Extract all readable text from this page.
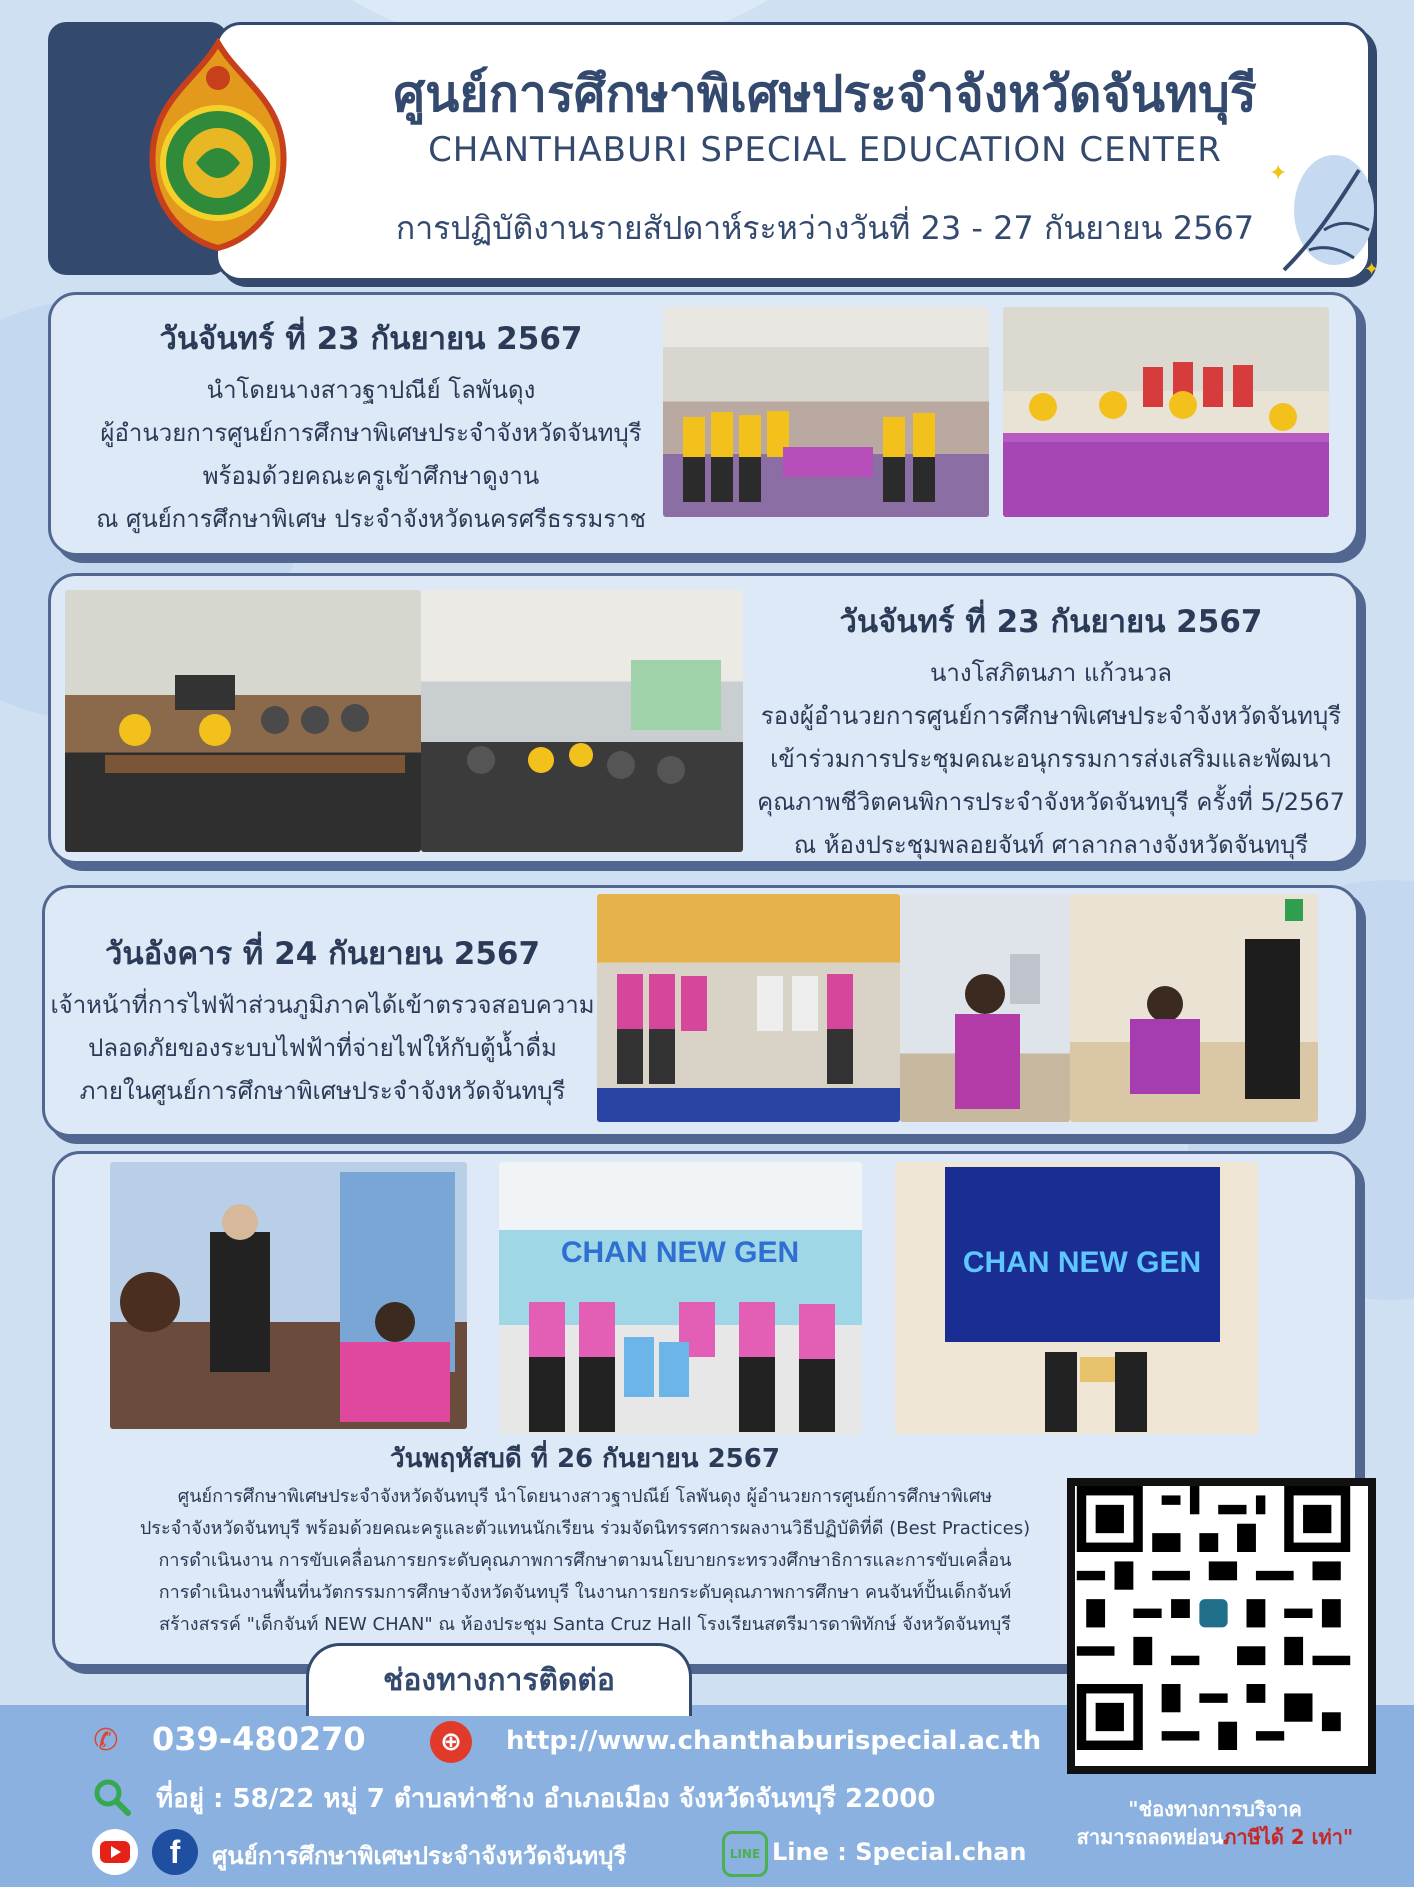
ศูนย์การศึกษาพิเศษประจำจังหวัดจันทบุรี
CHANTHABURI SPECIAL EDUCATION CENTER
การปฏิบัติงานรายสัปดาห์ระหว่างวันที่ 23 - 27 กันยายน 2567
✦
✦
วันจันทร์ ที่ 23 กันยายน 2567
นำโดยนางสาวฐาปณีย์ โลพันดุง
ผู้อำนวยการศูนย์การศึกษาพิเศษประจำจังหวัดจันทบุรี
พร้อมด้วยคณะครูเข้าศึกษาดูงาน
ณ ศูนย์การศึกษาพิเศษ ประจำจังหวัดนครศรีธรรมราช
วันจันทร์ ที่ 23 กันยายน 2567
นางโสภิตนภา แก้วนวล
รองผู้อำนวยการศูนย์การศึกษาพิเศษประจำจังหวัดจันทบุรี
เข้าร่วมการประชุมคณะอนุกรรมการส่งเสริมและพัฒนา
คุณภาพชีวิตคนพิการประจำจังหวัดจันทบุรี ครั้งที่ 5/2567
ณ ห้องประชุมพลอยจันท์ ศาลากลางจังหวัดจันทบุรี
วันอังคาร ที่ 24 กันยายน 2567
เจ้าหน้าที่การไฟฟ้าส่วนภูมิภาคได้เข้าตรวจสอบความ
ปลอดภัยของระบบไฟฟ้าที่จ่ายไฟให้กับตู้น้ำดื่ม
ภายในศูนย์การศึกษาพิเศษประจำจังหวัดจันทบุรี
CHAN NEW GEN	CHAN NEW GEN
วันพฤหัสบดี ที่ 26 กันยายน 2567
ศูนย์การศึกษาพิเศษประจำจังหวัดจันทบุรี นำโดยนางสาวฐาปณีย์ โลพันดุง ผู้อำนวยการศูนย์การศึกษาพิเศษ
ประจำจังหวัดจันทบุรี พร้อมด้วยคณะครูและตัวแทนนักเรียน ร่วมจัดนิทรรศการผลงานวิธีปฏิบัติที่ดี (Best Practices)
การดำเนินงาน การขับเคลื่อนการยกระดับคุณภาพการศึกษาตามนโยบายกระทรวงศึกษาธิการและการขับเคลื่อน
การดำเนินงานพื้นที่นวัตกรรมการศึกษาจังหวัดจันทบุรี ในงานการยกระดับคุณภาพการศึกษา คนจันท์ปั้นเด็กจันท์
สร้างสรรค์ "เด็กจันท์ NEW CHAN" ณ ห้องประชุม Santa Cruz Hall โรงเรียนสตรีมารดาพิทักษ์ จังหวัดจันทบุรี
ช่องทางการติดต่อ
✆ 039-480270	⊕	http://www.chanthaburispecial.ac.th
ที่อยู่ : 58/22 หมู่ 7 ตำบลท่าช้าง อำเภอเมือง จังหวัดจันทบุรี 22000
f	ศูนย์การศึกษาพิเศษประจำจังหวัดจันทบุรี	LINE Line : Special.chan
"ช่องทางการบริจาค
สามารถลดหย่อนภาษีได้ 2 เท่า"
